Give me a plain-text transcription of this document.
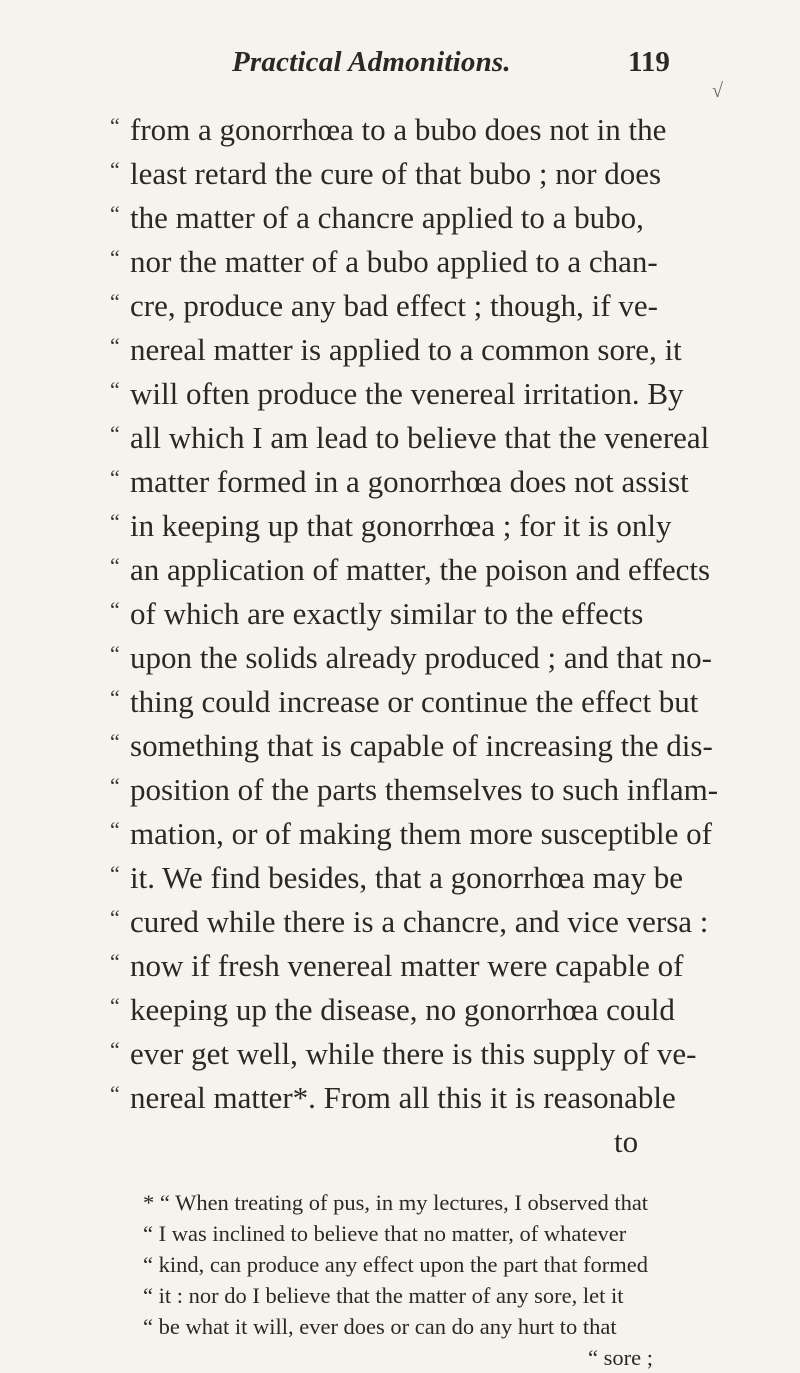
Practical Admonitions.	119
√
“ from a gonorrhœa to a bubo does not in the
“ least retard the cure of that bubo ; nor does
“ the matter of a chancre applied to a bubo,
“ nor the matter of a bubo applied to a chan-
“ cre, produce any bad effect ; though, if ve-
“ nereal matter is applied to a common sore, it
“ will often produce the venereal irritation. By
“ all which I am lead to believe that the venereal
“ matter formed in a gonorrhœa does not assist
“ in keeping up that gonorrhœa ; for it is only
“ an application of matter, the poison and effects
“ of which are exactly similar to the effects
“ upon the solids already produced ; and that no-
“ thing could increase or continue the effect but
“ something that is capable of increasing the dis-
“ position of the parts themselves to such inflam-
“ mation, or of making them more susceptible of
“ it. We find besides, that a gonorrhœa may be
“ cured while there is a chancre, and vice versa :
“ now if fresh venereal matter were capable of
“ keeping up the disease, no gonorrhœa could
“ ever get well, while there is this supply of ve-
“ nereal matter*. From all this it is reasonable
to
* “ When treating of pus, in my lectures, I observed that
“ I was inclined to believe that no matter, of whatever
“ kind, can produce any effect upon the part that formed
“ it : nor do I believe that the matter of any sore, let it
“ be what it will, ever does or can do any hurt to that
“ sore ;
